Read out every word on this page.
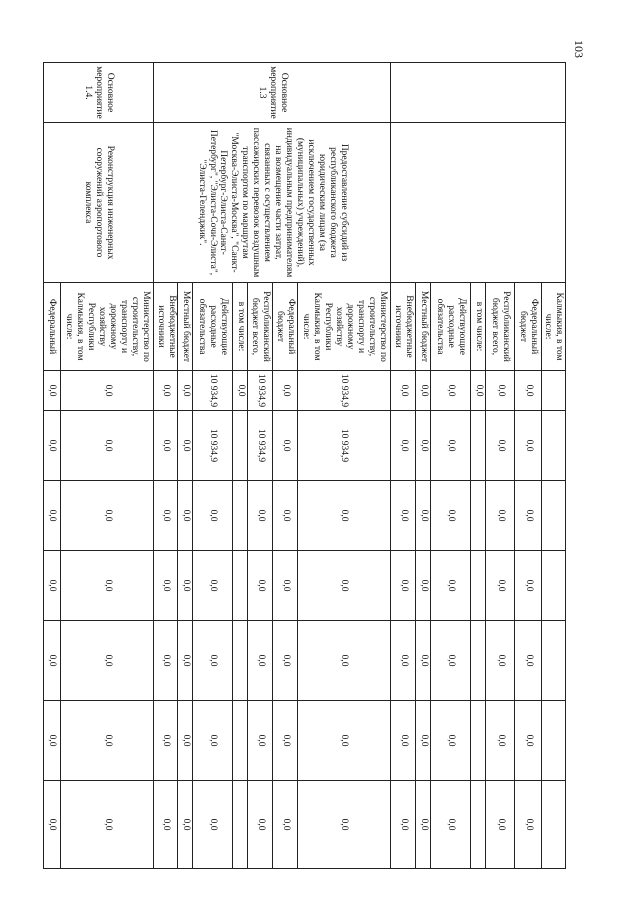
103
		Калмыкия, в том числе:							
		Федеральный бюджет	0,0	0,0	0,0	0,0	0,0	0,0	0,0
		Республиканский бюджет всего,	0,0	0,0	0,0	0,0	0,0	0,0	0,0
		в том числе:	0,0						
		Действующие расходные обязательства	0,0	0,0	0,0	0,0	0,0	0,0	0,0
		Местный бюджет	0,0	0,0	0,0	0,0	0,0	0,0	0,0
		Внебюджетные источники	0,0	0,0	0,0	0,0	0,0	0,0	0,0
Основное мероприятие 1.3	Предоставление субсидий из республиканского бюджета юридическим лицам (за исключением государственных (муниципальных) учреждений), индивидуальным предпринимателям на возмещение части затрат, связанных с осуществлением пассажирских перевозок воздушным транспортом по маршрутам "Москва-Элиста-Москва", "Санкт-Петербург-Элиста-Санкт-Петербург", "Элиста-Сочи-Элиста", "Элиста-Геленджик".	Министерство по строительству, транспорту и дорожному хозяйству Республики Калмыкия, в том числе:	10 934,9	10 934,9	0,0	0,0	0,0	0,0	0,0
		Федеральный бюджет	0,0	0,0	0,0	0,0	0,0	0,0	0,0
		Республиканский бюджет всего,	10 934,9	10 934,9	0,0	0,0	0,0	0,0	0,0
		в том числе:	0,0						
		Действующие расходные обязательства	10 934,9	10 934,9	0,0	0,0	0,0	0,0	0,0
		Местный бюджет	0,0	0,0	0,0	0,0	0,0	0,0	0,0
		Внебюджетные источники	0,0	0,0	0,0	0,0	0,0	0,0	0,0
Основное мероприятие 1.4.	Реконструкция инженерных сооружений аэропортового комплекса	Министерство по строительству, транспорту и дорожному хозяйству Республики Калмыкия, в том числе:	0,0	0,0	0,0	0,0	0,0	0,0	0,0
		Федеральный	0,0	0,0	0,0	0,0	0,0	0,0	0,0
